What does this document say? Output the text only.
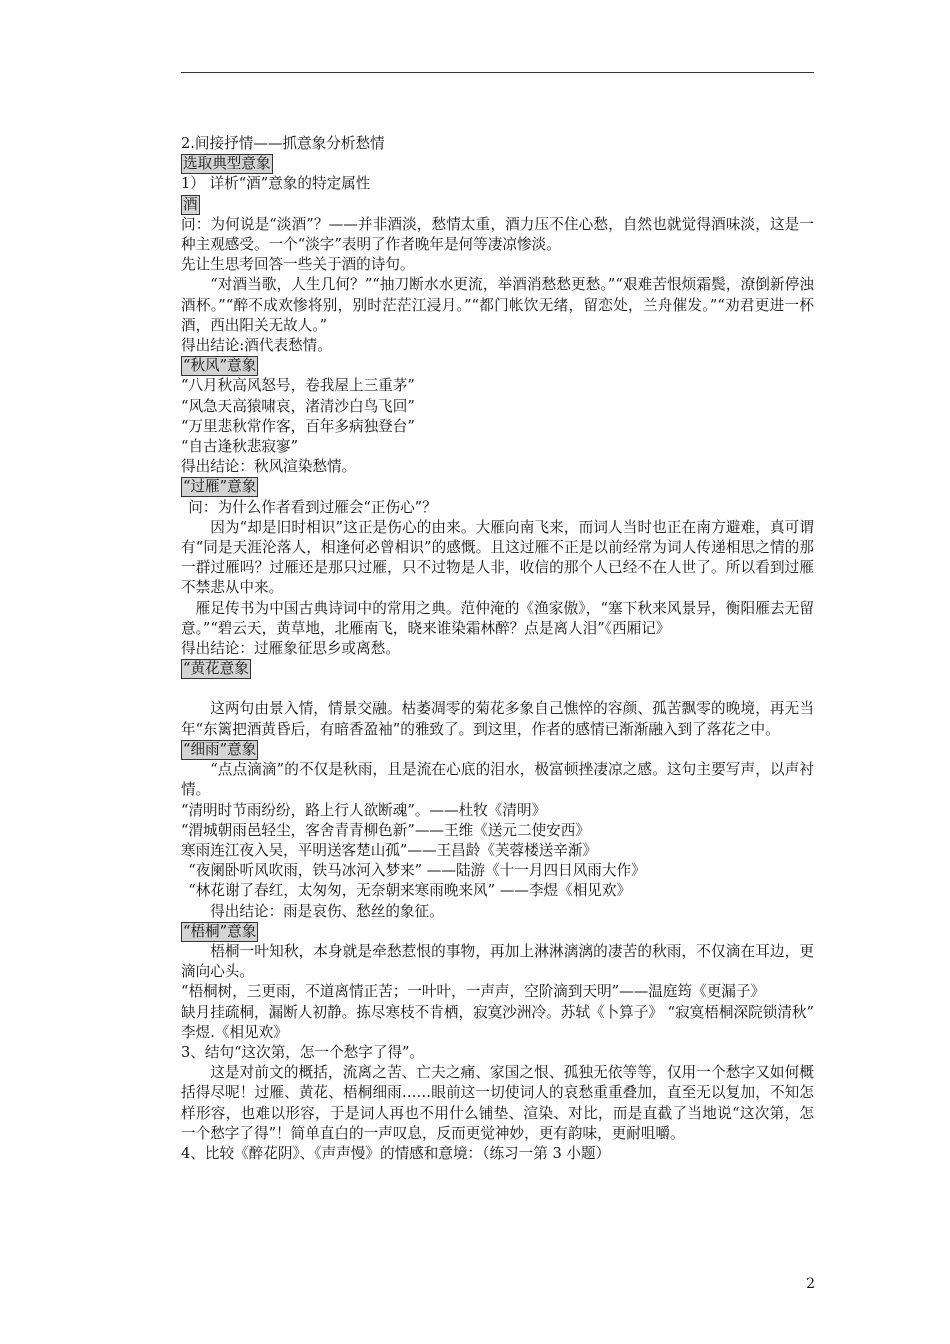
2.间接抒情——抓意象分析愁情
选取典型意象
1） 详析“酒”意象的特定属性
酒
问：为何说是“淡酒”？——并非酒淡，愁情太重，酒力压不住心愁，自然也就觉得酒味淡，这是一种主观感受。一个“淡字”表明了作者晚年是何等凄凉惨淡。
先让生思考回答一些关于酒的诗句。
“对酒当歌，人生几何？”“抽刀断水水更流，举酒消愁愁更愁。”“艰难苦恨烦霜鬓，潦倒新停浊酒杯。”“醉不成欢惨将别，别时茫茫江浸月。”“都门帐饮无绪，留恋处，兰舟催发。”“劝君更进一杯酒，西出阳关无故人。”
得出结论:酒代表愁情。
“秋风”意象
“八月秋高风怒号，卷我屋上三重茅”
“风急天高猿啸哀，渚清沙白鸟飞回”
“万里悲秋常作客，百年多病独登台”
“自古逢秋悲寂寥”
得出结论：秋风渲染愁情。
“过雁”意象
问：为什么作者看到过雁会“正伤心”？
因为“却是旧时相识”这正是伤心的由来。大雁向南飞来，而词人当时也正在南方避难，真可谓有“同是天涯沦落人，相逢何必曾相识”的感慨。且这过雁不正是以前经常为词人传递相思之情的那一群过雁吗？过雁还是那只过雁，只不过物是人非，收信的那个人已经不在人世了。所以看到过雁不禁悲从中来。
雁足传书为中国古典诗词中的常用之典。范仲淹的《渔家傲》，“塞下秋来风景异，衡阳雁去无留意。”“碧云天，黄草地，北雁南飞，晓来谁染霜林醉？点是离人泪”《西厢记》
得出结论：过雁象征思乡或离愁。
“黄花意象
这两句由景入情，情景交融。枯萎凋零的菊花多象自己憔悴的容颜、孤苦飘零的晚境，再无当年“东篱把酒黄昏后，有暗香盈袖”的雅致了。到这里，作者的感情已渐渐融入到了落花之中。
“细雨”意象
“点点滴滴”的不仅是秋雨，且是流在心底的泪水，极富顿挫凄凉之感。这句主要写声，以声衬情。
“清明时节雨纷纷，路上行人欲断魂”。——杜牧《清明》
“渭城朝雨邑轻尘，客舍青青柳色新”——王维《送元二使安西》
寒雨连江夜入吴，平明送客楚山孤”——王昌龄《芙蓉楼送辛渐》
“夜阑卧听风吹雨，铁马冰河入梦来” ——陆游《十一月四日风雨大作》
“林花谢了春红，太匆匆，无奈朝来寒雨晚来风” ——李煜《相见欢》
得出结论：雨是哀伤、愁丝的象征。
“梧桐”意象
梧桐一叶知秋，本身就是牵愁惹恨的事物，再加上淋淋漓漓的凄苦的秋雨，不仅滴在耳边，更滴向心头。
“梧桐树，三更雨，不道离情正苦；一叶叶，一声声，空阶滴到天明”——温庭筠《更漏子》
缺月挂疏桐，漏断人初静。拣尽寒枝不肯栖，寂寞沙洲冷。苏轼《卜算子》 “寂寞梧桐深院锁清秋” 李煜.《相见欢》
3、结句“这次第，怎一个愁字了得”。
这是对前文的概括，流离之苦、亡夫之痛、家国之恨、孤独无依等等，仅用一个愁字又如何概括得尽呢！过雁、黄花、梧桐细雨……眼前这一切使词人的哀愁重重叠加，直至无以复加，不知怎样形容，也难以形容，于是词人再也不用什么铺垫、渲染、对比，而是直截了当地说“这次第，怎一个愁字了得”！简单直白的一声叹息，反而更觉神妙，更有韵味，更耐咀嚼。
4、比较《醉花阴》、《声声慢》的情感和意境：（练习一第 3 小题）
2
